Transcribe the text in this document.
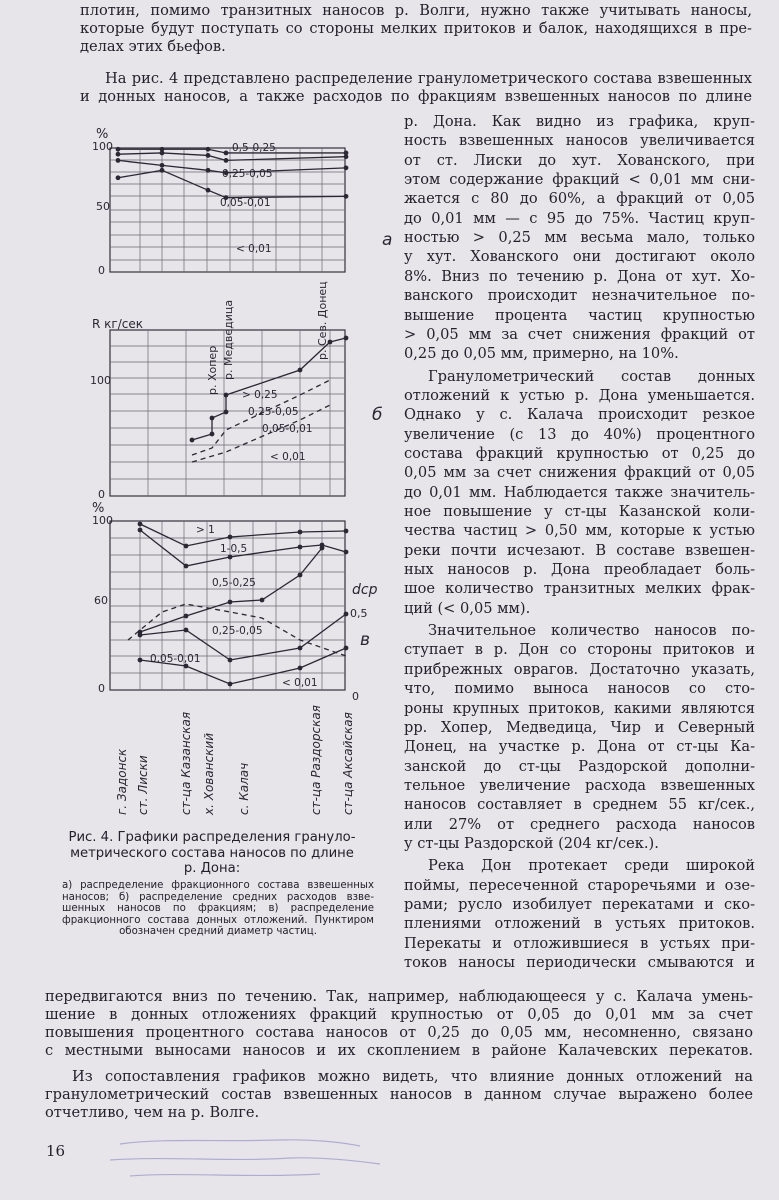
плотин, помимо транзитных наносов р. Волги, нужно также учитывать наносы,
которые будут поступать со стороны мелких притоков и балок, находящихся в пре-
делах этих бьефов.
На рис. 4 представлено распределение гранулометрического состава взвешенных
и донных наносов, а также расходов по фракциям взвешенных наносов по длине
р. Дона. Как видно из графика, круп-
ность взвешенных наносов увеличивается
от ст. Лиски до хут. Хованского, при
этом содержание фракций < 0,01 мм сни-
жается с 80 до 60%, а фракций от 0,05
до 0,01 мм — с 95 до 75%. Частиц круп-
ностью > 0,25 мм весьма мало, только
у хут. Хованского они достигают около
8%. Вниз по течению р. Дона от хут. Хо-
ванского происходит незначительное по-
вышение процента частиц крупностью
> 0,05 мм за счет снижения фракций от
0,25 до 0,05 мм, примерно, на 10%.
Гранулометрический состав донных
отложений к устью р. Дона уменьшается.
Однако у с. Калача происходит резкое
увеличение (с 13 до 40%) процентного
состава фракций крупностью от 0,25 до
0,05 мм за счет снижения фракций от 0,05
до 0,01 мм. Наблюдается также значитель-
ное повышение у ст-цы Казанской коли-
чества частиц > 0,50 мм, которые к устью
реки почти исчезают. В составе взвешен-
ных наносов р. Дона преобладает боль-
шое количество транзитных мелких фрак-
ций (< 0,05 мм).
Значительное количество наносов по-
ступает в р. Дон со стороны притоков и
прибрежных оврагов. Достаточно указать,
что, помимо выноса наносов со сто-
роны крупных притоков, какими являются
рр. Хопер, Медведица, Чир и Северный
Донец, на участке р. Дона от ст-цы Ка-
занской до ст-цы Раздорской дополни-
тельное увеличение расхода взвешенных
наносов составляет в среднем 55 кг/сек.,
или 27% от среднего расхода наносов
у ст-цы Раздорской (204 кг/сек.).
Река Дон протекает среди широкой
поймы, пересеченной староречьями и озе-
рами; русло изобилует перекатами и ско-
плениями отложений в устьях притоков.
Перекаты и отложившиеся в устьях при-
токов наносы периодически смываются и
передвигаются вниз по течению. Так, например, наблюдающееся у с. Калача умень-
шение в донных отложениях фракций крупностью от 0,05 до 0,01 мм за счет
повышения процентного состава наносов от 0,25 до 0,05 мм, несомненно, связано
с местными выносами наносов и их скоплением в районе Калачевских перекатов.
Из сопоставления графиков можно видеть, что влияние донных отложений на
гранулометрический состав взвешенных наносов в данном случае выражено более
отчетливо, чем на р. Волге.
Рис. 4. Графики распределения грануло-
метрического состава наносов по длине
р. Дона:
а) распределение фракционного состава взвешенных
наносов; б) распределение средних расходов взве-
шенных наносов по фракциям; в) распределение
фракционного состава донных отложений. Пунктиром
обозначен средний диаметр частиц.
16
%
100
50
0
а
R кг/сек
100
0
б
%
100
60
0
dср
0,5
0
в
0,5-0,25
0,25-0,05
0,05-0,01
< 0,01
> 0,25
0,25-0,05
0,05-0,01
< 0,01
р. Хопер р. Медведица	р. Сев. Донец
> 1
1-0,5
0,5-0,25
0,25-0,05
0,05-0,01
< 0,01
г. Задонск ст. Лиски ст-ца Казанская х. Хованский с. Калач	ст-ца Раздорская ст-ца Аксайская
